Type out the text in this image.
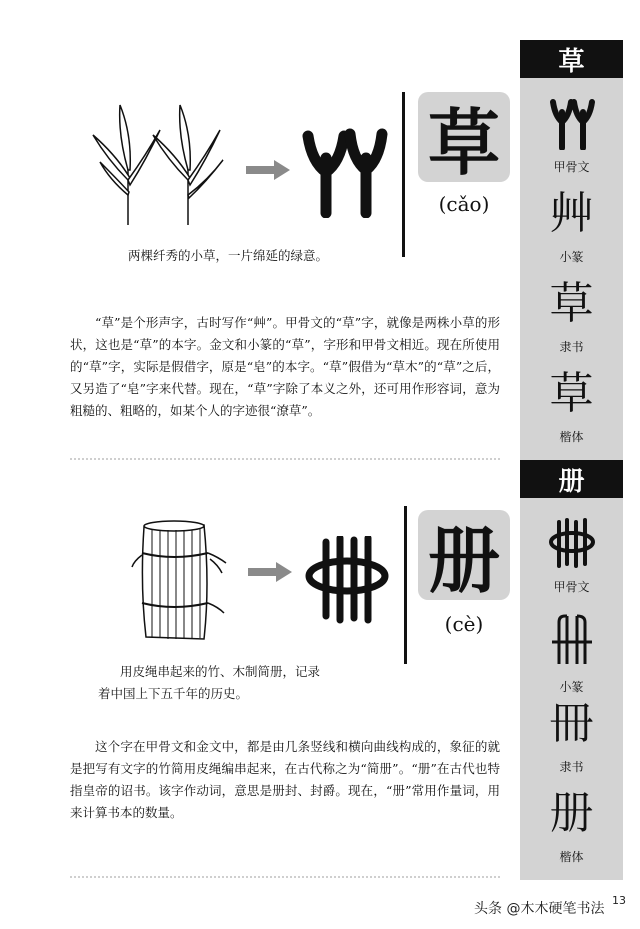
草
甲骨文
艸
小篆
草
隶书
草
楷体
册
甲骨文
小篆
冊
隶书
册
楷体
草
(cǎo)
两棵纤秀的小草，一片绵延的绿意。
“草”是个形声字，古时写作“艸”。甲骨文的“草”字，就像是两株小草的形状，这也是“草”的本字。金文和小篆的“草”，字形和甲骨文相近。现在所使用的“草”字，实际是假借字，原是“皂”的本字。“草”假借为“草木”的“草”之后，又另造了“皂”字来代替。现在，“草”字除了本义之外，还可用作形容词，意为粗糙的、粗略的，如某个人的字迹很“潦草”。
册
(cè)
用皮绳串起来的竹、木制简册，记录
着中国上下五千年的历史。
这个字在甲骨文和金文中，都是由几条竖线和横向曲线构成的，象征的就是把写有文字的竹简用皮绳编串起来，在古代称之为“简册”。“册”在古代也特指皇帝的诏书。该字作动词，意思是册封、封爵。现在，“册”常用作量词，用来计算书本的数量。
头条 @木木硬笔书法
13
